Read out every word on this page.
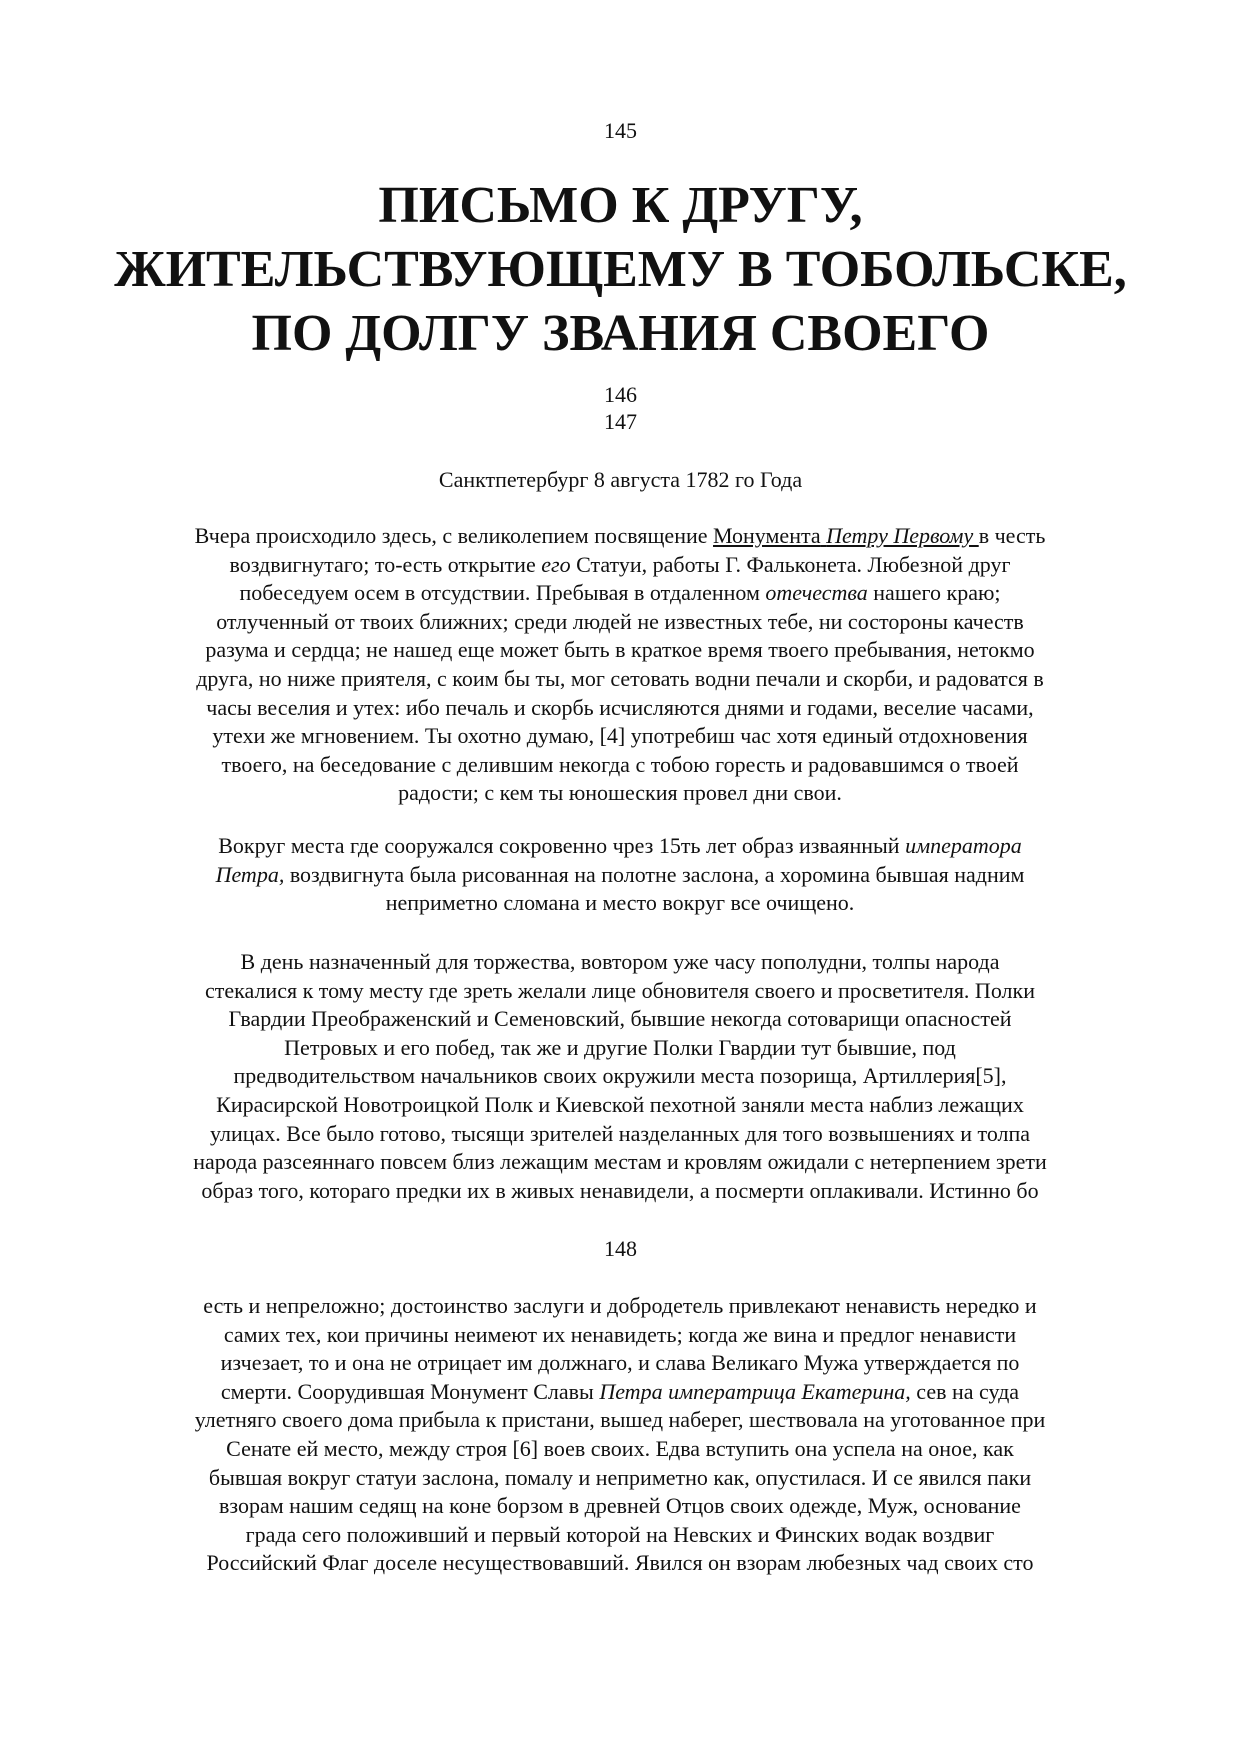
145
ПИСЬМО К ДРУГУ,
ЖИТЕЛЬСТВУЮЩЕМУ В ТОБОЛЬСКЕ,
ПО ДОЛГУ ЗВАНИЯ СВОЕГО
146
147
Санктпетербург 8 августа 1782 го Года
Вчера происходило здесь, с великолепием посвящение Монумента Петру Первому в честь
воздвигнутаго; то-есть открытие его Статуи, работы Г. Фальконета. Любезной друг
побеседуем осем в отсудствии. Пребывая в отдаленном отечества нашего краю;
отлученный от твоих ближних; среди людей не известных тебе, ни состороны качеств
разума и сердца; не нашед еще может быть в краткое время твоего пребывания, нетокмо
друга, но ниже приятеля, с коим бы ты, мог сетовать водни печали и скорби, и радоватся в
часы веселия и утех: ибо печаль и скорбь исчисляются днями и годами, веселие часами,
утехи же мгновением. Ты охотно думаю, [4] употребиш час хотя единый отдохновения
твоего, на беседование с делившим некогда с тобою горесть и радовавшимся о твоей
радости; с кем ты юношеския провел дни свои.
Вокруг места где сооружался сокровенно чрез 15ть лет образ изваянный императора
Петра, воздвигнута была рисованная на полотне заслона, а хоромина бывшая надним
неприметно сломана и место вокруг все очищено.
В день назначенный для торжества, вовтором уже часу пополудни, толпы народа
стекалися к тому месту где зреть желали лице обновителя своего и просветителя. Полки
Гвардии Преображенский и Семеновский, бывшие некогда сотоварищи опасностей
Петровых и его побед, так же и другие Полки Гвардии тут бывшие, под
предводительством начальников своих окружили места позорища, Артиллерия[5],
Кирасирской Новотроицкой Полк и Киевской пехотной заняли места наблиз лежащих
улицах. Все было готово, тысящи зрителей назделанных для того возвышениях и толпа
народа разсеяннаго повсем близ лежащим местам и кровлям ожидали с нетерпением зрети
образ того, котораго предки их в живых ненавидели, а посмерти оплакивали. Истинно бо
148
есть и непреложно; достоинство заслуги и добродетель привлекают ненависть нередко и
самих тех, кои причины неимеют их ненавидеть; когда же вина и предлог ненависти
изчезает, то и она не отрицает им должнаго, и слава Великаго Мужа утверждается по
смерти. Соорудившая Монумент Славы Петра императрица Екатерина, сев на суда
улетняго своего дома прибыла к пристани, вышед наберег, шествовала на уготованное при
Сенате ей место, между строя [6] воев своих. Едва вступить она успела на оное, как
бывшая вокруг статуи заслона, помалу и неприметно как, опустилася. И се явился паки
взорам нашим седящ на коне борзом в древней Отцов своих одежде, Муж, основание
града сего положивший и первый которой на Невских и Финских водак воздвиг
Российский Флаг доселе несуществовавший. Явился он взорам любезных чад своих сто
